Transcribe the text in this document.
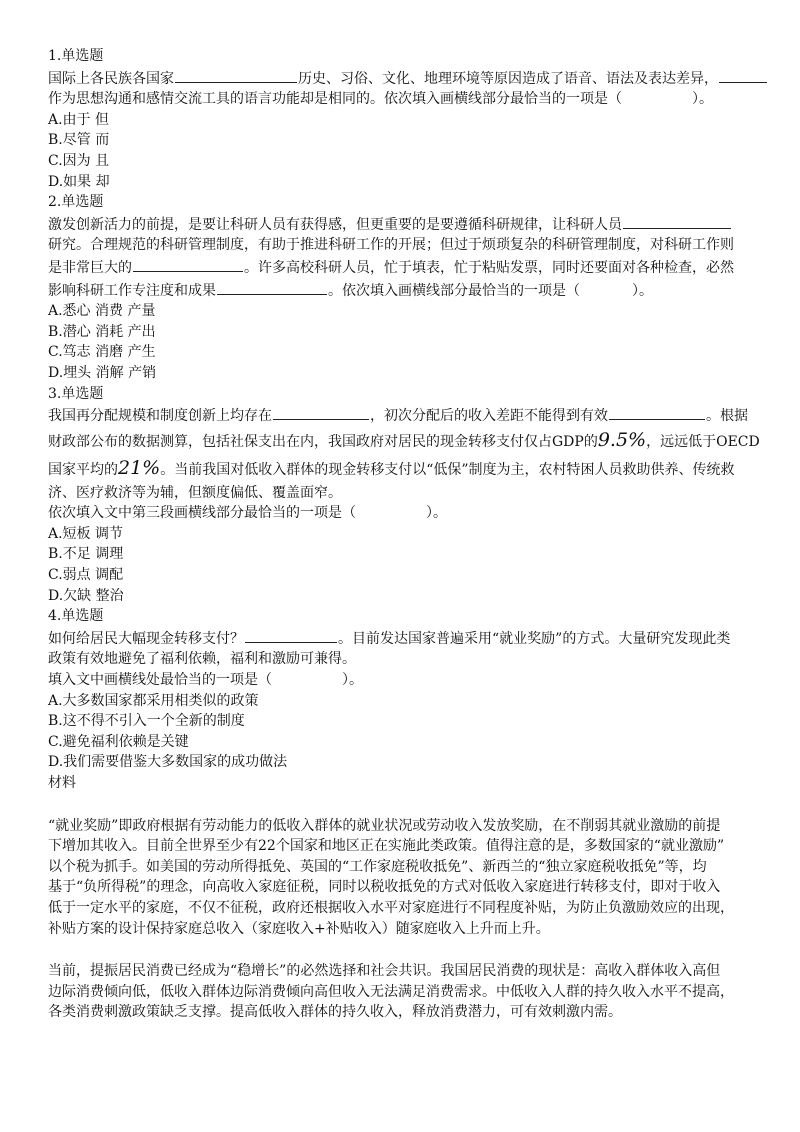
1.单选题
国际上各民族各国家	历史、习俗、文化、地理环境等原因造成了语音、语法及表达差异，
作为思想沟通和感情交流工具的语言功能却是相同的。依次填入画横线部分最恰当的一项是（	）。
A.由于 但
B.尽管 而
C.因为 且
D.如果 却
2.单选题
激发创新活力的前提，是要让科研人员有获得感，但更重要的是要遵循科研规律，让科研人员
研究。合理规范的科研管理制度，有助于推进科研工作的开展；但过于烦琐复杂的科研管理制度，对科研工作则
是非常巨大的	。许多高校科研人员，忙于填表，忙于粘贴发票，同时还要面对各种检查，必然
影响科研工作专注度和成果	。依次填入画横线部分最恰当的一项是（	）。
A.悉心 消费 产量
B.潜心 消耗 产出
C.笃志 消磨 产生
D.埋头 消解 产销
3.单选题
我国再分配规模和制度创新上均存在	，初次分配后的收入差距不能得到有效	。根据
财政部公布的数据测算，包括社保支出在内，我国政府对居民的现金转移支付仅占GDP的9.5%，远远低于OECD
国家平均的21%。当前我国对低收入群体的现金转移支付以“低保”制度为主，农村特困人员救助供养、传统救
济、医疗救济等为辅，但额度偏低、覆盖面窄。
依次填入文中第三段画横线部分最恰当的一项是（	）。
A.短板 调节
B.不足 调理
C.弱点 调配
D.欠缺 整治
4.单选题
如何给居民大幅现金转移支付？	。目前发达国家普遍采用“就业奖励”的方式。大量研究发现此类
政策有效地避免了福利依赖，福利和激励可兼得。
填入文中画横线处最恰当的一项是（	）。
A.大多数国家都采用相类似的政策
B.这不得不引入一个全新的制度
C.避免福利依赖是关键
D.我们需要借鉴大多数国家的成功做法
材料
“就业奖励”即政府根据有劳动能力的低收入群体的就业状况或劳动收入发放奖励，在不削弱其就业激励的前提
下增加其收入。目前全世界至少有22个国家和地区正在实施此类政策。值得注意的是，多数国家的“就业激励”
以个税为抓手。如美国的劳动所得抵免、英国的“工作家庭税收抵免”、新西兰的“独立家庭税收抵免”等，均
基于“负所得税”的理念，向高收入家庭征税，同时以税收抵免的方式对低收入家庭进行转移支付，即对于收入
低于一定水平的家庭，不仅不征税，政府还根据收入水平对家庭进行不同程度补贴，为防止负激励效应的出现，
补贴方案的设计保持家庭总收入（家庭收入+补贴收入）随家庭收入上升而上升。
当前，提振居民消费已经成为“稳增长”的必然选择和社会共识。我国居民消费的现状是：高收入群体收入高但
边际消费倾向低，低收入群体边际消费倾向高但收入无法满足消费需求。中低收入人群的持久收入水平不提高，
各类消费刺激政策缺乏支撑。提高低收入群体的持久收入，释放消费潜力，可有效刺激内需。
